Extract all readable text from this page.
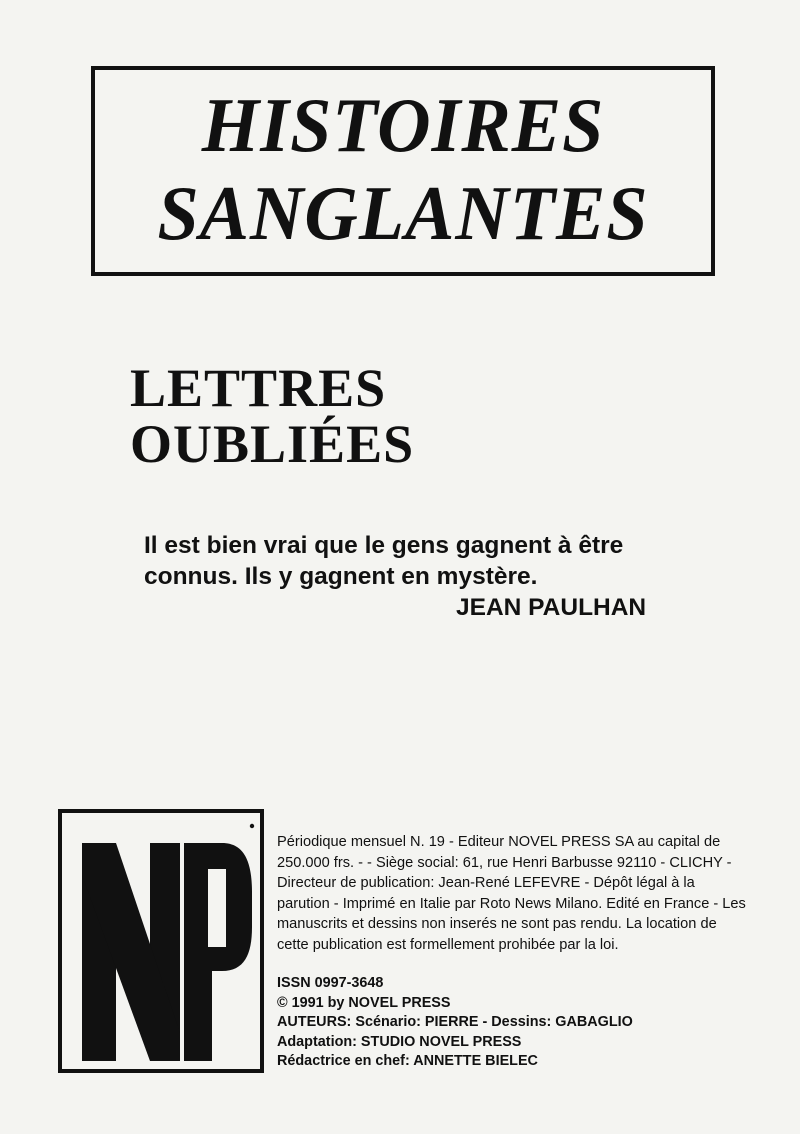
HISTOIRES
SANGLANTES
LETTRES
OUBLIÉES
Il est bien vrai que le gens gagnent à être
connus. Ils y gagnent en mystère.
JEAN PAULHAN
Périodique mensuel N. 19 - Editeur NOVEL PRESS SA au capital de 250.000 frs. - - Siège social: 61, rue Henri Barbusse 92110 - CLICHY - Directeur de publication: Jean-René LEFEVRE - Dépôt légal à la parution - Imprimé en Italie par Roto News Milano. Edité en France - Les manuscrits et dessins non inserés ne sont pas rendu. La location de cette publication est formellement prohibée par la loi.
ISSN 0997-3648
© 1991 by NOVEL PRESS
AUTEURS: Scénario: PIERRE - Dessins: GABAGLIO
Adaptation: STUDIO NOVEL PRESS
Rédactrice en chef: ANNETTE BIELEC
